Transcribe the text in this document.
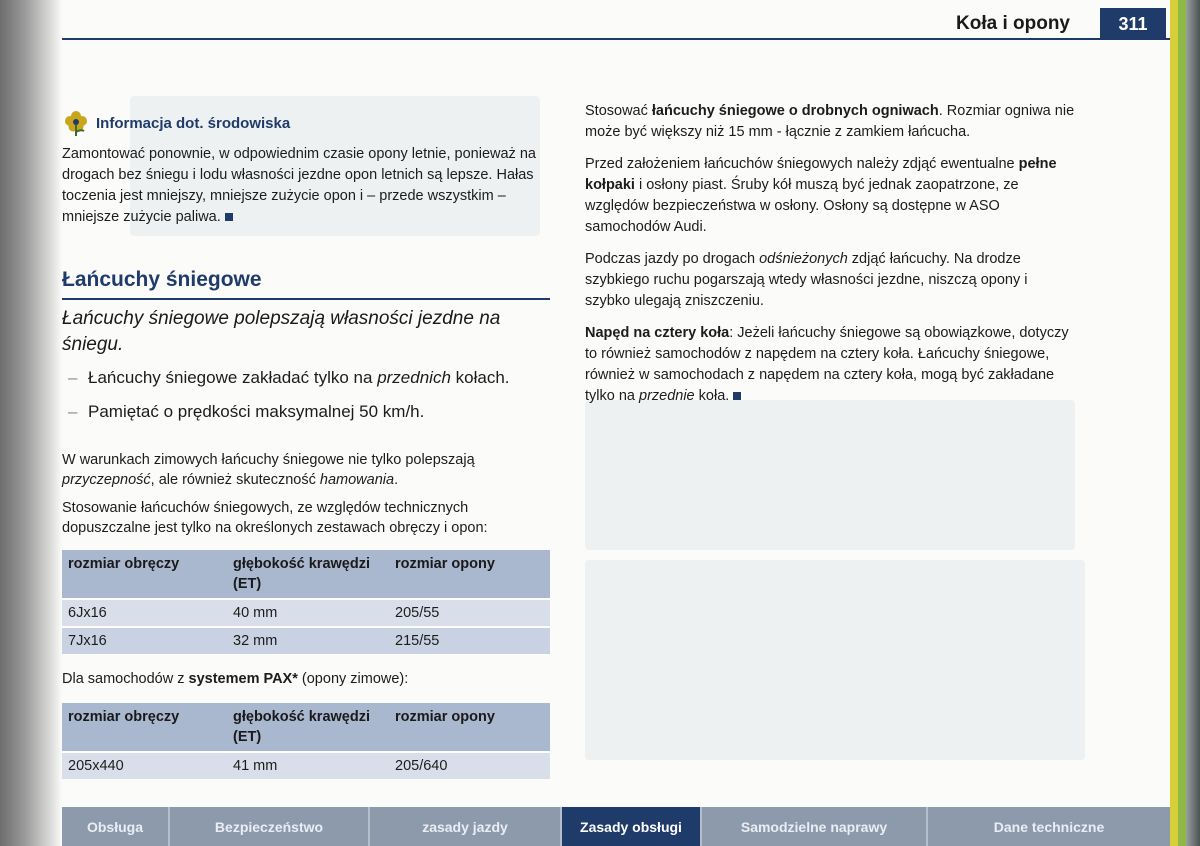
Koła i opony	311
Informacja dot. środowiska
Zamontować ponownie, w odpowiednim czasie opony letnie, ponieważ na drogach bez śniegu i lodu własności jezdne opon letnich są lepsze. Hałas toczenia jest mniejszy, mniejsze zużycie opon i – przede wszystkim – mniejsze zużycie paliwa.
Łańcuchy śniegowe
Łańcuchy śniegowe polepszają własności jezdne na śniegu.
– Łańcuchy śniegowe zakładać tylko na przednich kołach.
– Pamiętać o prędkości maksymalnej 50 km/h.
W warunkach zimowych łańcuchy śniegowe nie tylko polepszają przyczepność, ale również skuteczność hamowania.
Stosowanie łańcuchów śniegowych, ze względów technicznych dopuszczalne jest tylko na określonych zestawach obręczy i opon:
rozmiar obręczy	głębokość krawędzi (ET)	rozmiar opony
6Jx16	40 mm	205/55
7Jx16	32 mm	215/55
Dla samochodów z systemem PAX* (opony zimowe):
rozmiar obręczy	głębokość krawędzi (ET)	rozmiar opony
205x440	41 mm	205/640

Stosować łańcuchy śniegowe o drobnych ogniwach. Rozmiar ogniwa nie może być większy niż 15 mm - łącznie z zamkiem łańcucha.

Przed założeniem łańcuchów śniegowych należy zdjąć ewentualne pełne kołpaki i osłony piast. Śruby kół muszą być jednak zaopatrzone, ze względów bezpieczeństwa w osłony. Osłony są dostępne w ASO samochodów Audi.

Podczas jazdy po drogach odśnieżonych zdjąć łańcuchy. Na drodze szybkiego ruchu pogarszają wtedy własności jezdne, niszczą opony i szybko ulegają zniszczeniu.

Napęd na cztery koła: Jeżeli łańcuchy śniegowe są obowiązkowe, dotyczy to również samochodów z napędem na cztery koła. Łańcuchy śniegowe, również w samochodach z napędem na cztery koła, mogą być zakładane tylko na przednie koła.

Obsługa	Bezpieczeństwo	zasady jazdy	Zasady obsługi	Samodzielne naprawy	Dane techniczne
